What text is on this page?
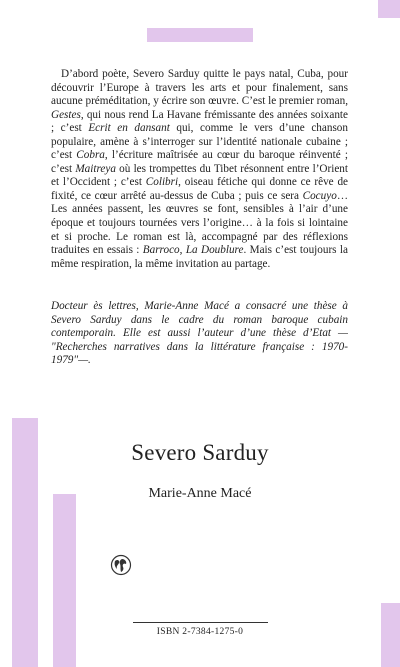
D’abord poète, Severo Sarduy quitte le pays natal, Cuba, pour découvrir l’Europe à travers les arts et pour finalement, sans aucune préméditation, y écrire son œuvre. C’est le premier roman, Gestes, qui nous rend La Havane frémissante des années soixante ; c’est Ecrit en dansant qui, comme le vers d’une chanson populaire, amène à s’interroger sur l’identité nationale cubaine ; c’est Cobra, l’écriture maîtrisée au cœur du baroque réinventé ; c’est Maitreya où les trompettes du Tibet résonnent entre l’Orient et l’Occident ; c’est Colibri, oiseau fétiche qui donne ce rêve de fixité, ce cœur arrêté au-dessus de Cuba ; puis ce sera Cocuyo… Les années passent, les œuvres se font, sensibles à l’air d’une époque et toujours tournées vers l’origine… à la fois si lointaine et si proche. Le roman est là, accompagné par des réflexions traduites en essais : Barroco, La Doublure. Mais c’est toujours la même respiration, la même invitation au partage.

Docteur ès lettres, Marie-Anne Macé a consacré une thèse à Severo Sarduy dans le cadre du roman baroque cubain contemporain. Elle est aussi l’auteur d’une thèse d’Etat — "Recherches narratives dans la littérature française : 1970-1979"—.

Severo Sarduy
Marie-Anne Macé
ISBN 2-7384-1275-0
